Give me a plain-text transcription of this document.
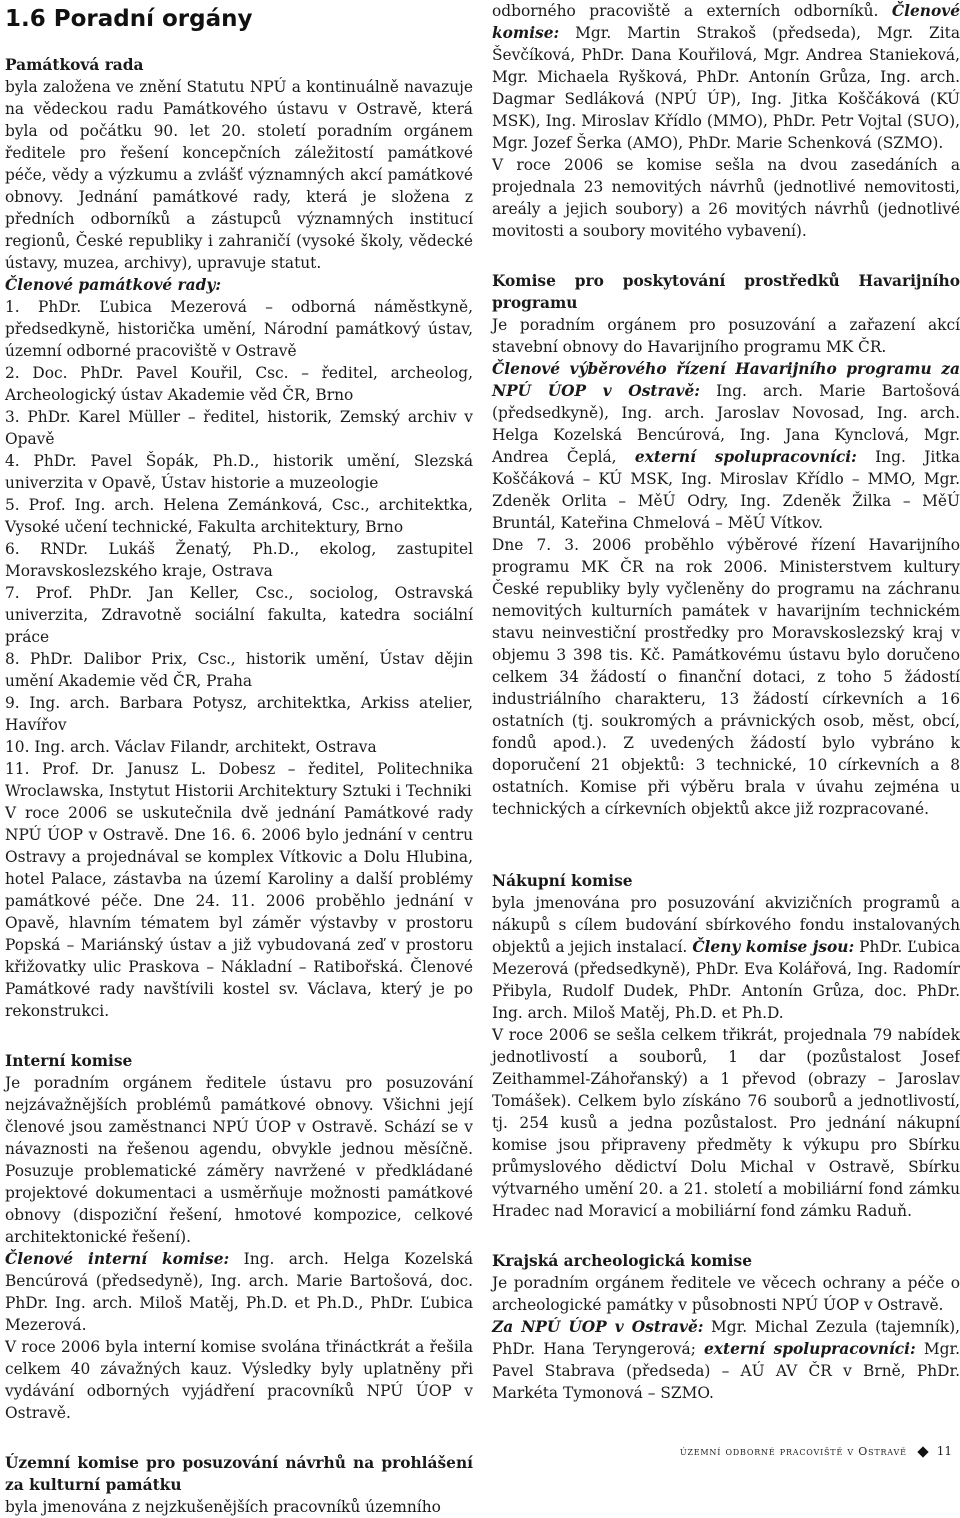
1.6 Poradní orgány

Památková rada

byla založena ve znění Statutu NPÚ a kontinuálně navazuje na vědeckou radu Památkového ústavu v Ostravě, která byla od počátku 90. let 20. století poradním orgánem ředitele pro řešení koncepčních záležitostí památkové péče, vědy a výzkumu a zvlášť významných akcí památkové obnovy. Jednání památkové rady, která je složena z předních odborníků a zástupců významných institucí regionů, České republiky i zahraničí (vysoké školy, vědecké ústavy, muzea, archivy), upravuje statut.

Členové památkové rady:

1. PhDr. Ľubica Mezerová – odborná náměstkyně, předsedkyně, historička umění, Národní památkový ústav, územní odborné pracoviště v Ostravě

2. Doc. PhDr. Pavel Kouřil, Csc. – ředitel, archeolog, Archeologický ústav Akademie věd ČR, Brno

3. PhDr. Karel Müller – ředitel, historik, Zemský archiv v Opavě

4. PhDr. Pavel Šopák, Ph.D., historik umění, Slezská univerzita v Opavě, Ústav historie a muzeologie

5. Prof. Ing. arch. Helena Zemánková, Csc., architektka, Vysoké učení technické, Fakulta architektury, Brno

6. RNDr. Lukáš Ženatý, Ph.D., ekolog, zastupitel Moravskoslezského kraje, Ostrava

7. Prof. PhDr. Jan Keller, Csc., sociolog, Ostravská univerzita, Zdravotně sociální fakulta, katedra sociální práce

8. PhDr. Dalibor Prix, Csc., historik umění, Ústav dějin umění Akademie věd ČR, Praha

9. Ing. arch. Barbara Potysz, architektka, Arkiss atelier, Havířov

10. Ing. arch. Václav Filandr, architekt, Ostrava

11. Prof. Dr. Janusz L. Dobesz – ředitel, Politechnika Wroclawska, Instytut Historii Architektury Sztuki i Techniki

V roce 2006 se uskutečnila dvě jednání Památkové rady NPÚ ÚOP v Ostravě. Dne 16. 6. 2006 bylo jednání v centru Ostravy a projednával se komplex Vítkovic a Dolu Hlubina, hotel Palace, zástavba na území Karoliny a další problémy památkové péče. Dne 24. 11. 2006 proběhlo jednání v Opavě, hlavním tématem byl záměr výstavby v prostoru Popská – Mariánský ústav a již vybudovaná zeď v prostoru křižovatky ulic Praskova – Nákladní – Ratibořská. Členové Památkové rady navštívili kostel sv. Václava, který je po rekonstrukci.

Interní komise

Je poradním orgánem ředitele ústavu pro posuzování nejzávažnějších problémů památkové obnovy. Všichni její členové jsou zaměstnanci NPÚ ÚOP v Ostravě. Schází se v návaznosti na řešenou agendu, obvykle jednou měsíčně. Posuzuje problematické záměry navržené v předkládané projektové dokumentaci a usměrňuje možnosti památkové obnovy (dispoziční řešení, hmotové kompozice, celkové architektonické řešení).

Členové interní komise: Ing. arch. Helga Kozelská Bencúrová (předsedyně), Ing. arch. Marie Bartošová, doc. PhDr. Ing. arch. Miloš Matěj, Ph.D. et Ph.D., PhDr. Ľubica Mezerová.

V roce 2006 byla interní komise svolána třináctkrát a řešila celkem 40 závažných kauz. Výsledky byly uplatněny při vydávání odborných vyjádření pracovníků NPÚ ÚOP v Ostravě.

Územní komise pro posuzování návrhů na prohlášení za kulturní památku

byla jmenována z nejzkušenějších pracovníků územního

odborného pracoviště a externích odborníků. Členové komise: Mgr. Martin Strakoš (předseda), Mgr. Zita Ševčíková, PhDr. Dana Kouřilová, Mgr. Andrea Stanieková, Mgr. Michaela Ryšková, PhDr. Antonín Grůza, Ing. arch. Dagmar Sedláková (NPÚ ÚP), Ing. Jitka Koščáková (KÚ MSK), Ing. Miroslav Křídlo (MMO), PhDr. Petr Vojtal (SUO), Mgr. Jozef Šerka (AMO), PhDr. Marie Schenková (SZMO).

V roce 2006 se komise sešla na dvou zasedáních a projednala 23 nemovitých návrhů (jednotlivé nemovitosti, areály a jejich soubory) a 26 movitých návrhů (jednotlivé movitosti a soubory movitého vybavení).

Komise pro poskytování prostředků Havarijního programu

Je poradním orgánem pro posuzování a zařazení akcí stavební obnovy do Havarijního programu MK ČR.

Členové výběrového řízení Havarijního programu za NPÚ ÚOP v Ostravě: Ing. arch. Marie Bartošová (předsedkyně), Ing. arch. Jaroslav Novosad, Ing. arch. Helga Kozelská Bencúrová, Ing. Jana Kynclová, Mgr. Andrea Čeplá, externí spolupracovníci: Ing. Jitka Koščáková – KÚ MSK, Ing. Miroslav Křídlo – MMO, Mgr. Zdeněk Orlita – MěÚ Odry, Ing. Zdeněk Žilka – MěÚ Bruntál, Kateřina Chmelová – MěÚ Vítkov.

Dne 7. 3. 2006 proběhlo výběrové řízení Havarijního programu MK ČR na rok 2006. Ministerstvem kultury České republiky byly vyčleněny do programu na záchranu nemovitých kulturních památek v havarijním technickém stavu neinvestiční prostředky pro Moravskoslezský kraj v objemu 3 398 tis. Kč. Památkovému ústavu bylo doručeno celkem 34 žádostí o finanční dotaci, z toho 5 žádostí industriálního charakteru, 13 žádostí církevních a 16 ostatních (tj. soukromých a právnických osob, měst, obcí, fondů apod.). Z uvedených žádostí bylo vybráno k doporučení 21 objektů: 3 technické, 10 církevních a 8 ostatních. Komise při výběru brala v úvahu zejména u technických a církevních objektů akce již rozpracované.

Nákupní komise

byla jmenována pro posuzování akvizičních programů a nákupů s cílem budování sbírkového fondu instalovaných objektů a jejich instalací. Členy komise jsou: PhDr. Ľubica Mezerová (předsedkyně), PhDr. Eva Kolářová, Ing. Radomír Přibyla, Rudolf Dudek, PhDr. Antonín Grůza, doc. PhDr. Ing. arch. Miloš Matěj, Ph.D. et Ph.D.

V roce 2006 se sešla celkem třikrát, projednala 79 nabídek jednotlivostí a souborů, 1 dar (pozůstalost Josef Zeithammel-Záhořanský) a 1 převod (obrazy – Jaroslav Tomášek). Celkem bylo získáno 76 souborů a jednotlivostí, tj. 254 kusů a jedna pozůstalost. Pro jednání nákupní komise jsou připraveny předměty k výkupu pro Sbírku průmyslového dědictví Dolu Michal v Ostravě, Sbírku výtvarného umění 20. a 21. století a mobiliární fond zámku Hradec nad Moravicí a mobiliární fond zámku Raduň.

Krajská archeologická komise

Je poradním orgánem ředitele ve věcech ochrany a péče o archeologické památky v působnosti NPÚ ÚOP v Ostravě.

Za NPÚ ÚOP v Ostravě: Mgr. Michal Zezula (tajemník), PhDr. Hana Teryngerová; externí spolupracovníci: Mgr. Pavel Stabrava (předseda) – AÚ AV ČR v Brně, PhDr. Markéta Tymonová – SZMO.

územní odborné pracoviště v Ostravě	11
